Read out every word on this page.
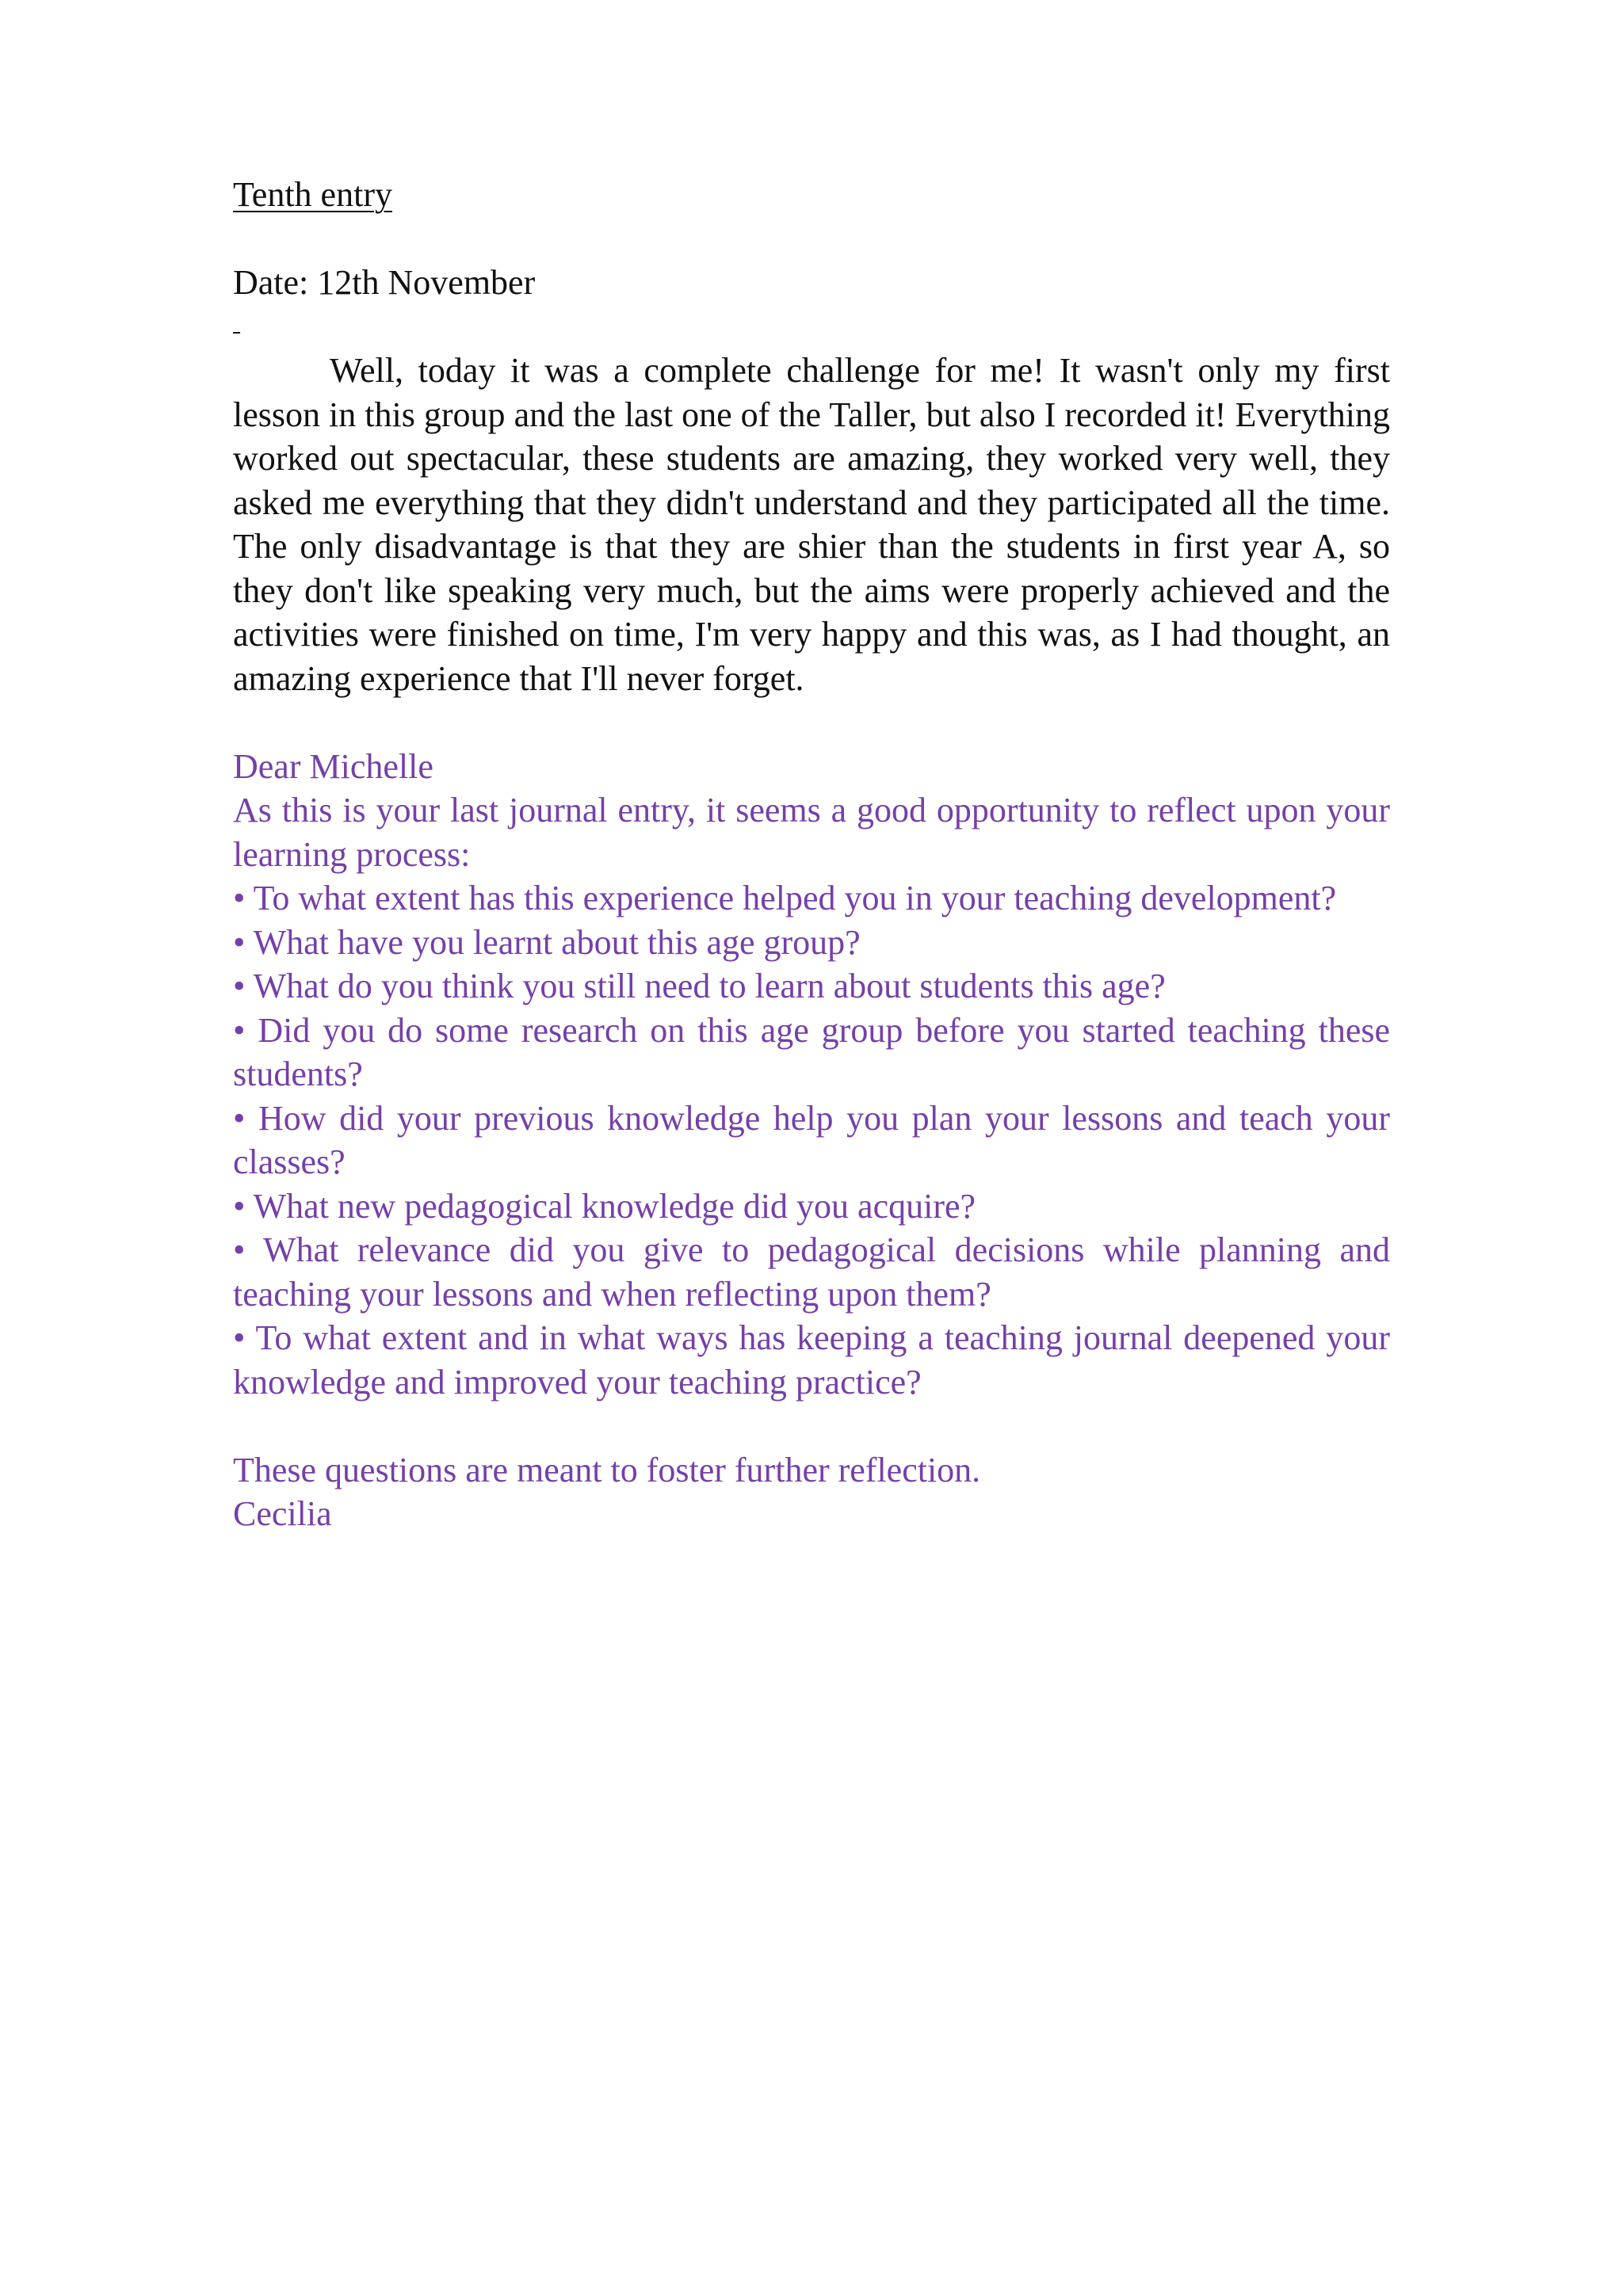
Tenth entry

Date: 12th November

Well, today it was a complete challenge for me! It wasn't only my first lesson in this group and the last one of the Taller, but also I recorded it! Everything worked out spectacular, these students are amazing, they worked very well, they asked me everything that they didn't understand and they participated all the time. The only disadvantage is that they are shier than the students in first year A, so they don't like speaking very much, but the aims were properly achieved and the activities were finished on time, I'm very happy and this was, as I had thought, an amazing experience that I'll never forget.

Dear Michelle

As this is your last journal entry, it seems a good opportunity to reflect upon your learning process:

• To what extent has this experience helped you in your teaching development?

• What have you learnt about this age group?

• What do you think you still need to learn about students this age?

• Did you do some research on this age group before you started teaching these students?

• How did your previous knowledge help you plan your lessons and teach your classes?

• What new pedagogical knowledge did you acquire?

• What relevance did you give to pedagogical decisions while planning and teaching your lessons and when reflecting upon them?

• To what extent and in what ways has keeping a teaching journal deepened your knowledge and improved your teaching practice?

These questions are meant to foster further reflection.

Cecilia
